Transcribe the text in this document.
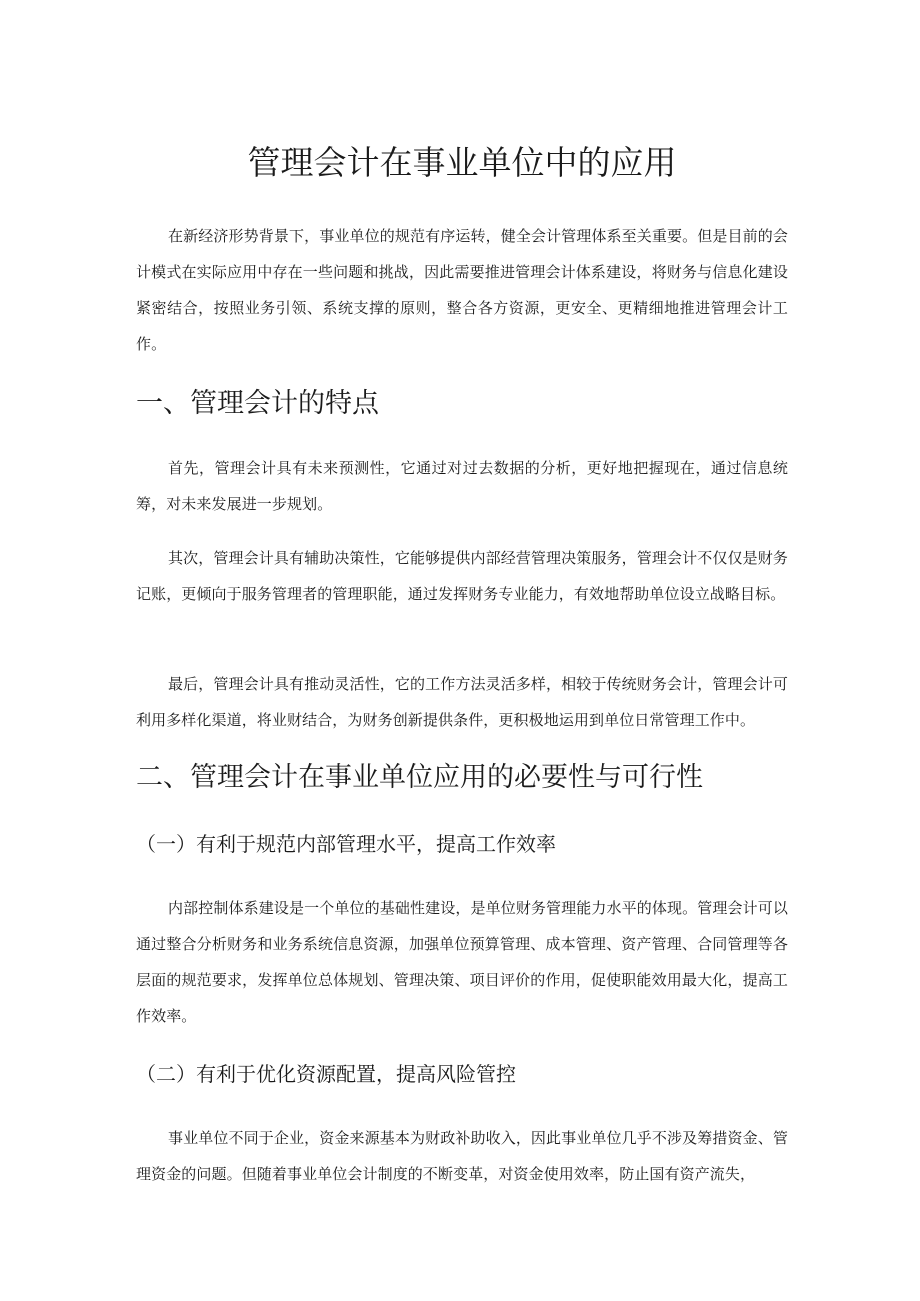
管理会计在事业单位中的应用

在新经济形势背景下，事业单位的规范有序运转，健全会计管理体系至关重要。但是目前的会计模式在实际应用中存在一些问题和挑战，因此需要推进管理会计体系建设，将财务与信息化建设紧密结合，按照业务引领、系统支撑的原则，整合各方资源，更安全、更精细地推进管理会计工作。

一、管理会计的特点

首先，管理会计具有未来预测性，它通过对过去数据的分析，更好地把握现在，通过信息统筹，对未来发展进一步规划。

其次，管理会计具有辅助决策性，它能够提供内部经营管理决策服务，管理会计不仅仅是财务记账，更倾向于服务管理者的管理职能，通过发挥财务专业能力，有效地帮助单位设立战略目标。

最后，管理会计具有推动灵活性，它的工作方法灵活多样，相较于传统财务会计，管理会计可利用多样化渠道，将业财结合，为财务创新提供条件，更积极地运用到单位日常管理工作中。

二、管理会计在事业单位应用的必要性与可行性
（一）有利于规范内部管理水平，提高工作效率

内部控制体系建设是一个单位的基础性建设，是单位财务管理能力水平的体现。管理会计可以通过整合分析财务和业务系统信息资源，加强单位预算管理、成本管理、资产管理、合同管理等各层面的规范要求，发挥单位总体规划、管理决策、项目评价的作用，促使职能效用最大化，提高工作效率。

（二）有利于优化资源配置，提高风险管控

事业单位不同于企业，资金来源基本为财政补助收入，因此事业单位几乎不涉及筹措资金、管理资金的问题。但随着事业单位会计制度的不断变革，对资金使用效率，防止国有资产流失，
